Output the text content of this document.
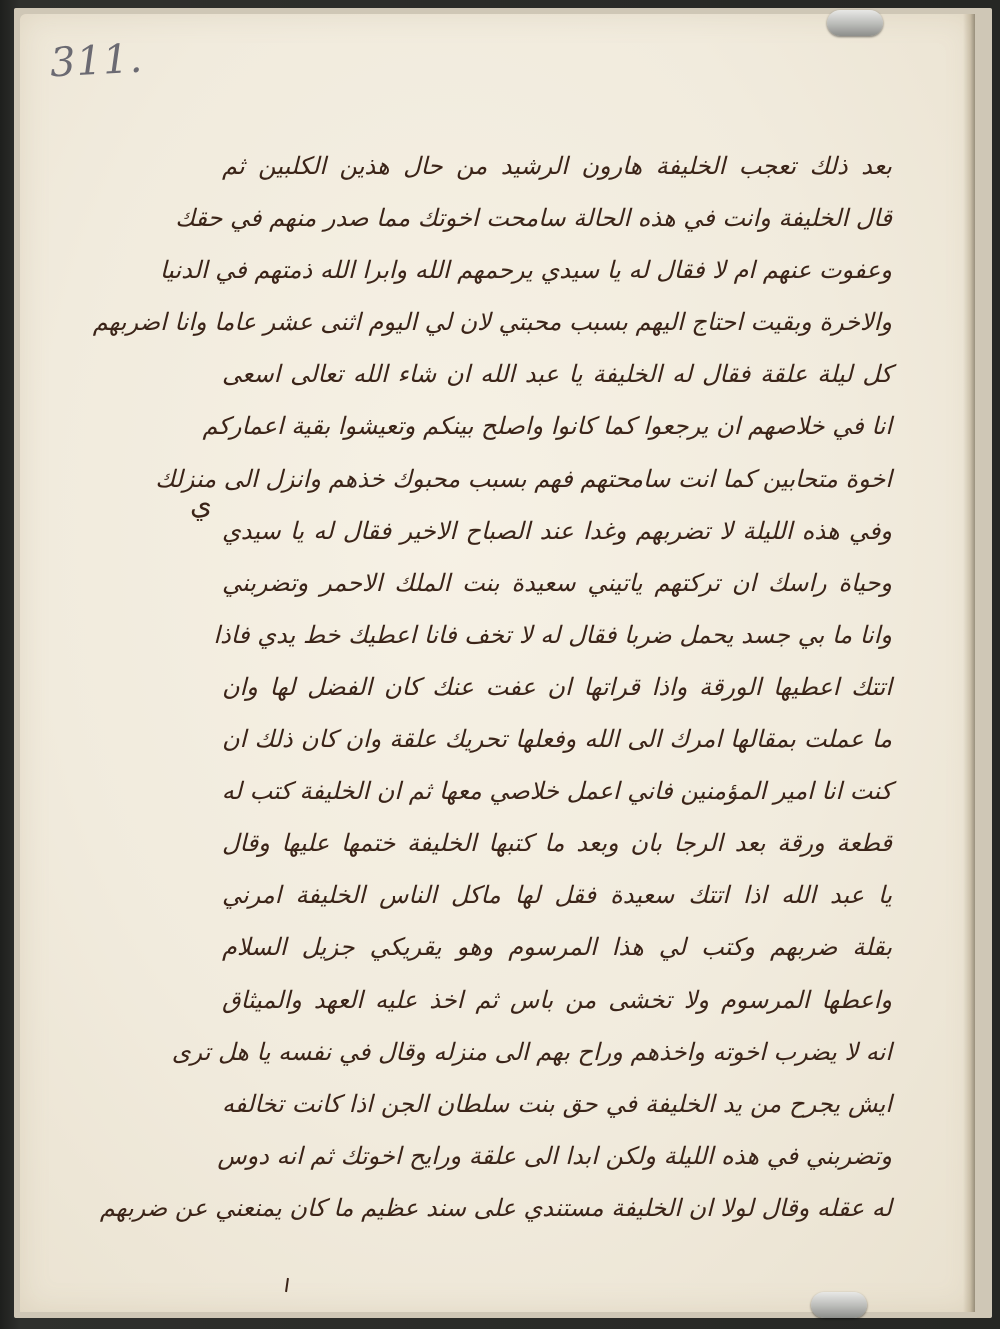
311.
ي
بعد ذلك تعجب الخليفة هارون الرشيد من حال هذين الكلبين ثم
قال الخليفة وانت في هذه الحالة سامحت اخوتك مما صدر منهم في حقك
وعفوت عنهم ام لا فقال له يا سيدي يرحمهم الله وابرا الله ذمتهم في الدنيا
والاخرة وبقيت احتاج اليهم بسبب محبتي لان لي اليوم اثنى عشر عاما وانا اضربهم
كل ليلة علقة فقال له الخليفة يا عبد الله ان شاء الله تعالى اسعى
انا في خلاصهم ان يرجعوا كما كانوا واصلح بينكم وتعيشوا بقية اعماركم
اخوة متحابين كما انت سامحتهم فهم بسبب محبوك خذهم وانزل الى منزلك
وفي هذه الليلة لا تضربهم وغدا عند الصباح الاخير فقال له يا سيدي
وحياة راسك ان تركتهم ياتيني سعيدة بنت الملك الاحمر وتضربني
وانا ما بي جسد يحمل ضربا فقال له لا تخف فانا اعطيك خط يدي فاذا
اتتك اعطيها الورقة واذا قراتها ان عفت عنك كان الفضل لها وان
ما عملت بمقالها امرك الى الله وفعلها تحريك علقة وان كان ذلك ان
كنت انا امير المؤمنين فاني اعمل خلاصي معها ثم ان الخليفة كتب له
قطعة ورقة بعد الرجا بان وبعد ما كتبها الخليفة ختمها عليها وقال
يا عبد الله اذا اتتك سعيدة فقل لها ماكل الناس الخليفة امرني
بقلة ضربهم وكتب لي هذا المرسوم وهو يقريكي جزيل السلام
واعطها المرسوم ولا تخشى من باس ثم اخذ عليه العهد والميثاق
انه لا يضرب اخوته واخذهم وراح بهم الى منزله وقال في نفسه يا هل ترى
ايش يجرح من يد الخليفة في حق بنت سلطان الجن اذا كانت تخالفه
وتضربني في هذه الليلة ولكن ابدا الى علقة ورايح اخوتك ثم انه دوس
له عقله وقال لولا ان الخليفة مستندي على سند عظيم ما كان يمنعني عن ضربهم
